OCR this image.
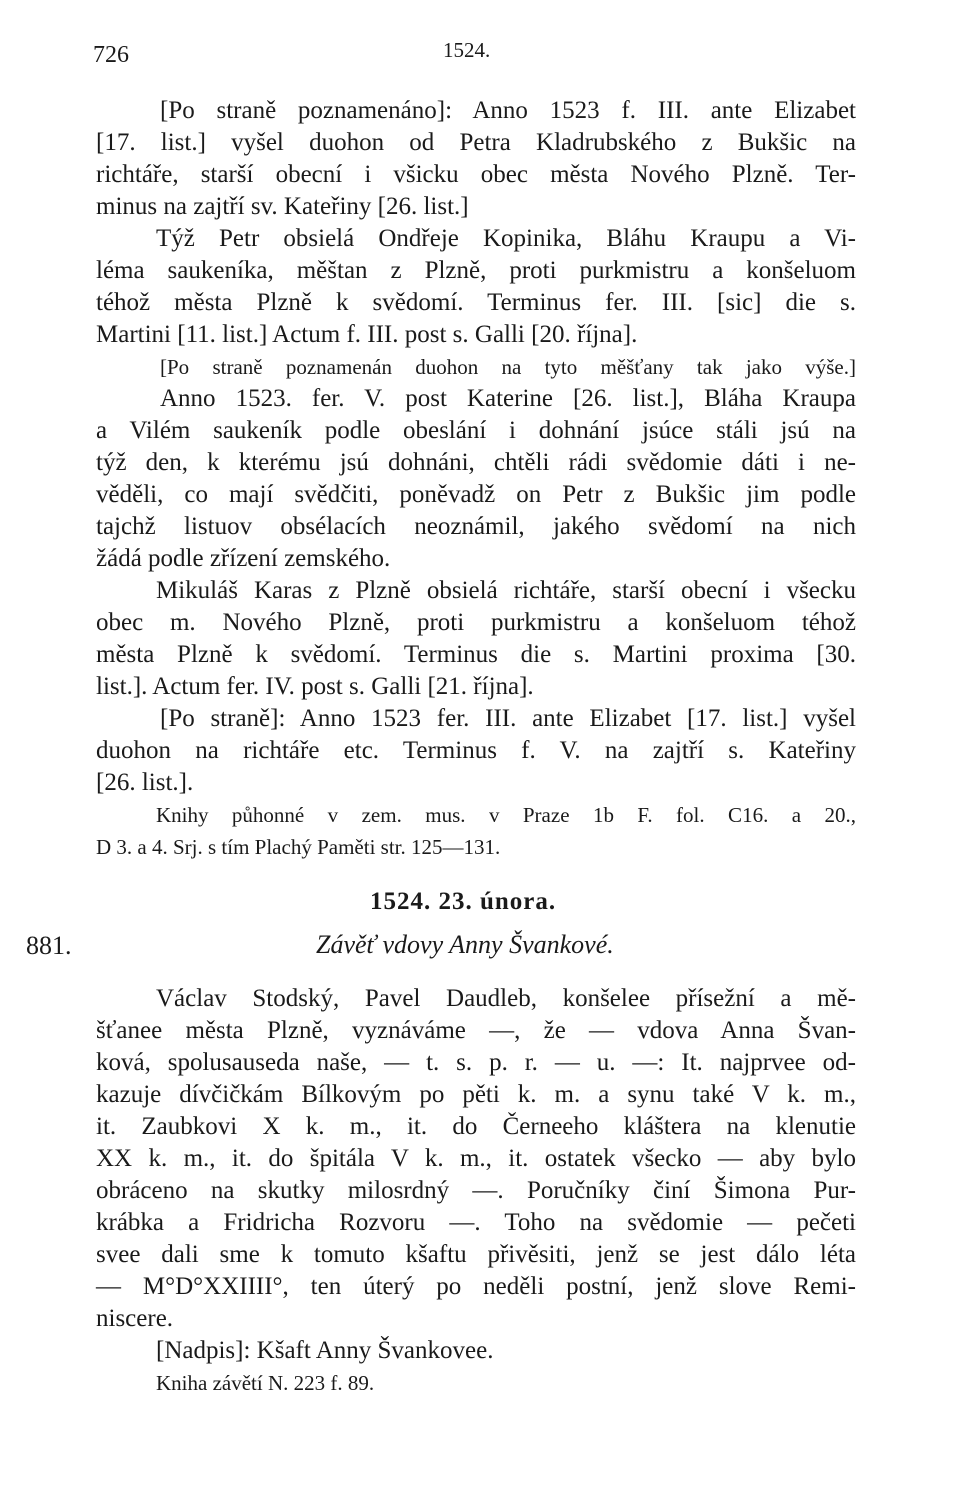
726	1524.
[Po straně poznamenáno]: Anno 1523 f. III. ante Elizabet
[17. list.] vyšel duohon od Petra Kladrubského z Bukšic na
richtáře, starší obecní i všicku obec města Nového Plzně. Ter-
minus na zajtří sv. Kateřiny [26. list.]
Týž Petr obsielá Ondřeje Kopinika, Bláhu Kraupu a Vi-
léma saukeníka, měštan z Plzně, proti purkmistru a konšeluom
téhož města Plzně k svědomí. Terminus fer. III. [sic] die s.
Martini [11. list.] Actum f. III. post s. Galli [20. října].
[Po straně poznamenán duohon na tyto měšťany tak jako výše.]
Anno 1523. fer. V. post Katerine [26. list.], Bláha Kraupa
a Vilém saukeník podle obeslání i dohnání jsúce stáli jsú na
týž den, k kterému jsú dohnáni, chtěli rádi svědomie dáti i ne-
věděli, co mají svědčiti, poněvadž on Petr z Bukšic jim podle
tajchž listuov obsélacích neoznámil, jakého svědomí na nich
žádá podle zřízení zemského.
Mikuláš Karas z Plzně obsielá richtáře, starší obecní i všecku
obec m. Nového Plzně, proti purkmistru a konšeluom téhož
města Plzně k svědomí. Terminus die s. Martini proxima [30.
list.]. Actum fer. IV. post s. Galli [21. října].
[Po straně]: Anno 1523 fer. III. ante Elizabet [17. list.] vyšel
duohon na richtáře etc. Terminus f. V. na zajtří s. Kateřiny
[26. list.].
Knihy půhonné v zem. mus. v Praze 1b F. fol. C16. a 20.,
D 3. a 4. Srj. s tím Plachý Paměti str. 125—131.
1524. 23. února.
881.	Závěť vdovy Anny Švankové.
Václav Stodský, Pavel Daudleb, konšelee přísežní a mě-
šťanee města Plzně, vyznáváme —, že — vdova Anna Švan-
ková, spolusauseda naše, — t. s. p. r. — u. —: It. najprvee od-
kazuje dívčičkám Bílkovým po pěti k. m. a synu také V k. m.,
it. Zaubkovi X k. m., it. do Černeeho kláštera na klenutie
XX k. m., it. do špitála V k. m., it. ostatek všecko — aby bylo
obráceno na skutky milosrdný —. Poručníky činí Šimona Pur-
krábka a Fridricha Rozvoru —. Toho na svědomie — pečeti
svee dali sme k tomuto kšaftu přivěsiti, jenž se jest dálo léta
— M°D°XXIIII°, ten úterý po neděli postní, jenž slove Remi-
niscere.
[Nadpis]: Kšaft Anny Švankovee.
Kniha závětí N. 223 f. 89.
